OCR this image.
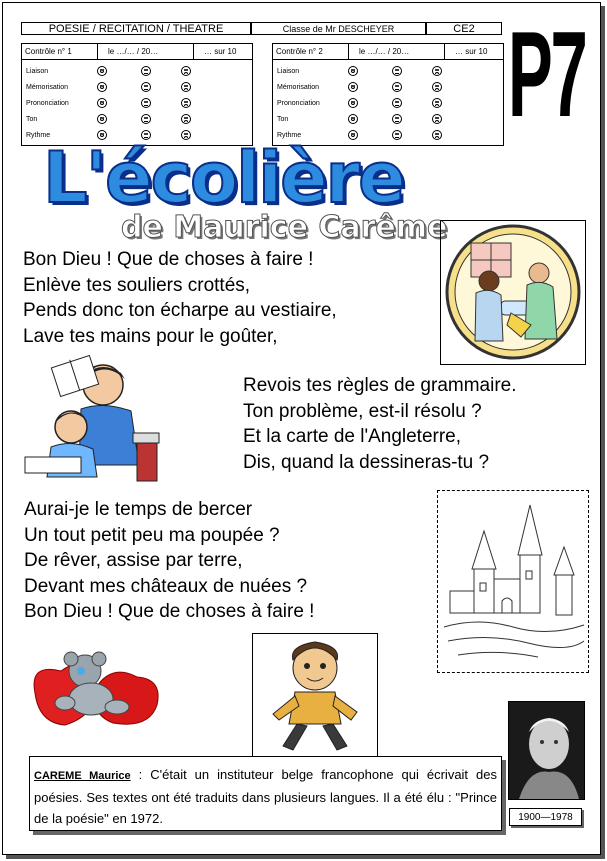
POESIE / RECITATION / THEATRE	Classe de Mr DESCHEYER	CE2
Contrôle n° 1	le …/… / 20…	… sur 10
Liaison
Mémorisation
Prononciation
Ton
Rythme
Contrôle n° 2	le …/… / 20…	… sur 10
Liaison
Mémorisation
Prononciation
Ton
Rythme	P7
L'écolière
de Maurice Carême
Bon Dieu ! Que de choses à faire !
Enlève tes souliers crottés,
Pends donc ton écharpe au vestiaire,
Lave tes mains pour le goûter,
Revois tes règles de grammaire.
Ton problème, est-il résolu ?
Et la carte de l'Angleterre,
Dis, quand la dessineras-tu ?
Aurai-je le temps de bercer
Un tout petit peu ma poupée ?
De rêver, assise par terre,
Devant mes châteaux de nuées ?
Bon Dieu ! Que de choses à faire !
CAREME Maurice : C'était un instituteur belge francophone qui écrivait des poésies. Ses textes ont été traduits dans plusieurs langues. Il a été élu : "Prince de la poésie" en 1972.	1900—1978
